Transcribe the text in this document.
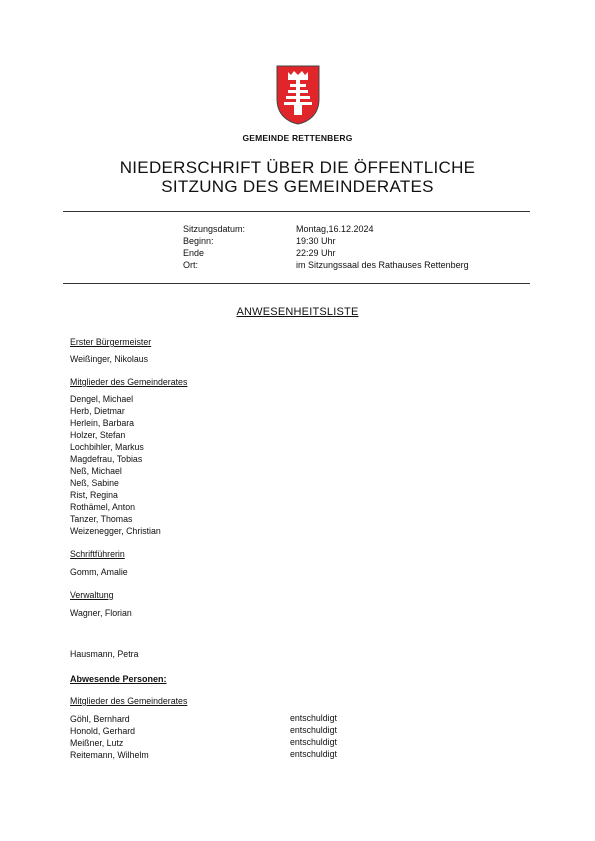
GEMEINDE RETTENBERG
NIEDERSCHRIFT ÜBER DIE ÖFFENTLICHE
SITZUNG DES GEMEINDERATES
Sitzungsdatum:	Montag,16.12.2024
Beginn:	19:30 Uhr
Ende	22:29 Uhr
Ort:	im Sitzungssaal des Rathauses Rettenberg
ANWESENHEITSLISTE
Erster Bürgermeister
Weißinger, Nikolaus
Mitglieder des Gemeinderates
Dengel, Michael
Herb, Dietmar
Herlein, Barbara
Holzer, Stefan
Lochbihler, Markus
Magdefrau, Tobias
Neß, Michael
Neß, Sabine
Rist, Regina
Rothämel, Anton
Tanzer, Thomas
Weizenegger, Christian
Schriftführerin
Gomm, Amalie
Verwaltung
Wagner, Florian
Hausmann, Petra
Abwesende Personen:
Mitglieder des Gemeinderates
Göhl, Bernhard	entschuldigt
Honold, Gerhard	entschuldigt
Meißner, Lutz	entschuldigt
Reitemann, Wilhelm	entschuldigt
